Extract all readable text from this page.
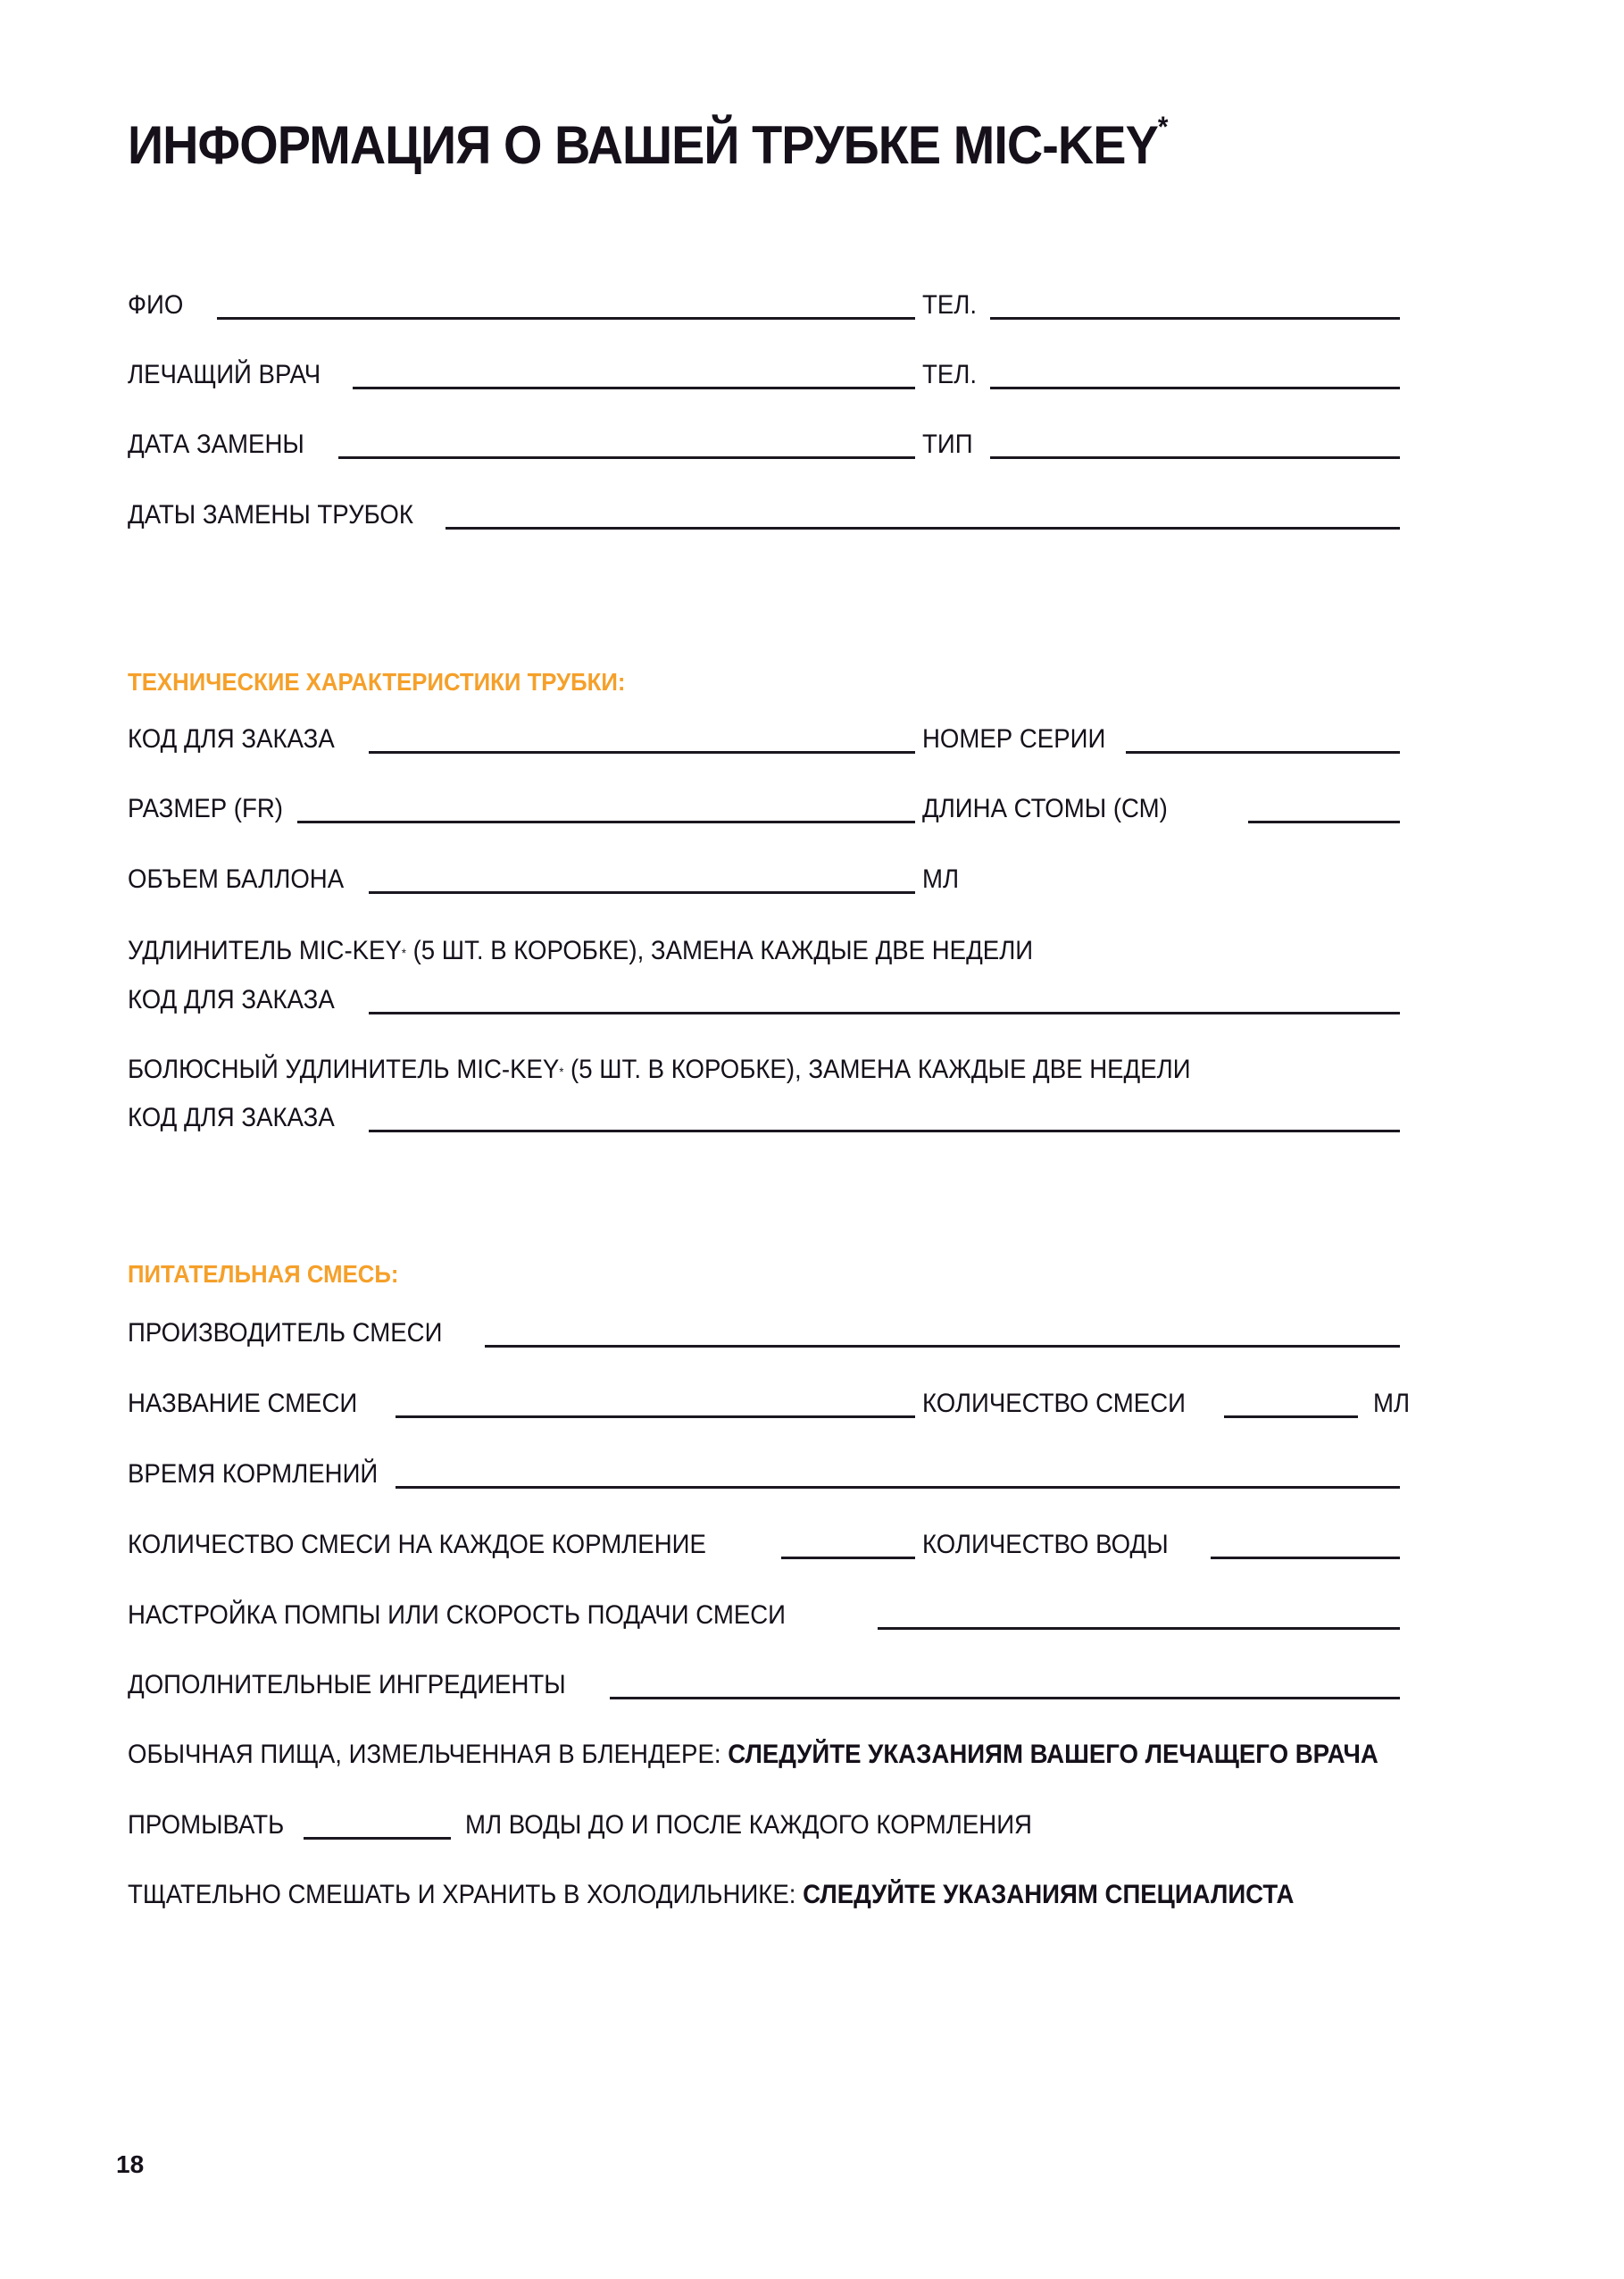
ИНФОРМАЦИЯ О ВАШЕЙ ТРУБКЕ MIC-KEY*
ФИО	ТЕЛ.
ЛЕЧАЩИЙ ВРАЧ	ТЕЛ.
ДАТА ЗАМЕНЫ	ТИП
ДАТЫ ЗАМЕНЫ ТРУБОК
ТЕХНИЧЕСКИЕ ХАРАКТЕРИСТИКИ ТРУБКИ:
КОД ДЛЯ ЗАКАЗА	НОМЕР СЕРИИ
РАЗМЕР (FR)	ДЛИНА СТОМЫ (СМ)
ОБЪЕМ БАЛЛОНА	МЛ
УДЛИНИТЕЛЬ MIC-KEY* (5 ШТ. В КОРОБКЕ), ЗАМЕНА КАЖДЫЕ ДВЕ НЕДЕЛИ
КОД ДЛЯ ЗАКАЗА
БОЛЮСНЫЙ УДЛИНИТЕЛЬ MIC-KEY* (5 ШТ. В КОРОБКЕ), ЗАМЕНА КАЖДЫЕ ДВЕ НЕДЕЛИ
КОД ДЛЯ ЗАКАЗА
ПИТАТЕЛЬНАЯ СМЕСЬ:
ПРОИЗВОДИТЕЛЬ СМЕСИ
НАЗВАНИЕ СМЕСИ	КОЛИЧЕСТВО СМЕСИ	МЛ
ВРЕМЯ КОРМЛЕНИЙ
КОЛИЧЕСТВО СМЕСИ НА КАЖДОЕ КОРМЛЕНИЕ	КОЛИЧЕСТВО ВОДЫ
НАСТРОЙКА ПОМПЫ ИЛИ СКОРОСТЬ ПОДАЧИ СМЕСИ
ДОПОЛНИТЕЛЬНЫЕ ИНГРЕДИЕНТЫ
ОБЫЧНАЯ ПИЩА, ИЗМЕЛЬЧЕННАЯ В БЛЕНДЕРЕ: СЛЕДУЙТЕ УКАЗАНИЯМ ВАШЕГО ЛЕЧАЩЕГО ВРАЧА
ПРОМЫВАТЬ	МЛ ВОДЫ ДО И ПОСЛЕ КАЖДОГО КОРМЛЕНИЯ
ТЩАТЕЛЬНО СМЕШАТЬ И ХРАНИТЬ В ХОЛОДИЛЬНИКЕ: СЛЕДУЙТЕ УКАЗАНИЯМ СПЕЦИАЛИСТА
18
